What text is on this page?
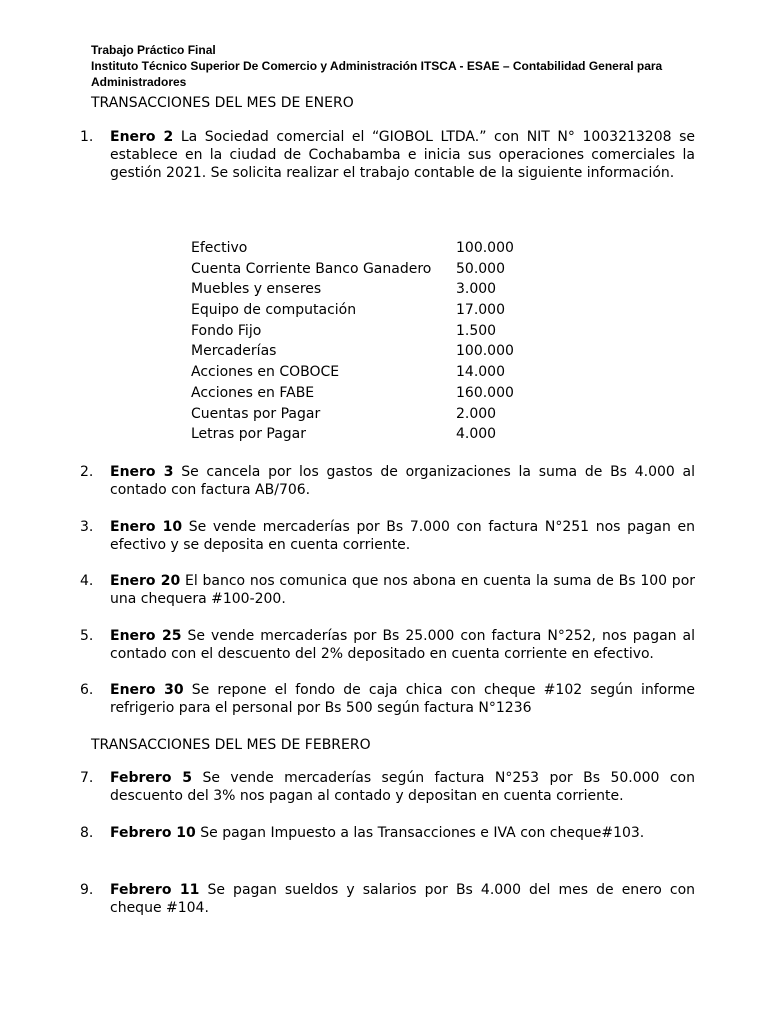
Trabajo Práctico Final
Instituto Técnico Superior De Comercio y Administración ITSCA - ESAE – Contabilidad General para Administradores
TRANSACCIONES DEL MES DE ENERO
1.	Enero 2 La Sociedad comercial el “GIOBOL LTDA.” con NIT N° 1003213208 se establece en la ciudad de Cochabamba e inicia sus operaciones comerciales la gestión 2021. Se solicita realizar el trabajo contable de la siguiente información.
Efectivo	100.000
Cuenta Corriente Banco Ganadero 50.000
Muebles y enseres	3.000
Equipo de computación	17.000
Fondo Fijo	1.500
Mercaderías	100.000
Acciones en COBOCE	14.000
Acciones en FABE	160.000
Cuentas por Pagar	2.000
Letras por Pagar	4.000
2.	Enero 3 Se cancela por los gastos de organizaciones la suma de Bs 4.000 al contado con factura AB/706.
3.	Enero 10 Se vende mercaderías por Bs 7.000 con factura N°251 nos pagan en efectivo y se deposita en cuenta corriente.
4.	Enero 20 El banco nos comunica que nos abona en cuenta la suma de Bs 100 por una chequera #100-200.
5.	Enero 25 Se vende mercaderías por Bs 25.000 con factura N°252, nos pagan al contado con el descuento del 2% depositado en cuenta corriente en efectivo.
6.	Enero 30 Se repone el fondo de caja chica con cheque #102 según informe refrigerio para el personal por Bs 500 según factura N°1236
TRANSACCIONES DEL MES DE FEBRERO
7.	Febrero 5 Se vende mercaderías según factura N°253 por Bs 50.000 con descuento del 3% nos pagan al contado y depositan en cuenta corriente.
8.	Febrero 10 Se pagan Impuesto a las Transacciones e IVA con cheque#103.
9.	Febrero 11 Se pagan sueldos y salarios por Bs 4.000 del mes de enero con cheque #104.
